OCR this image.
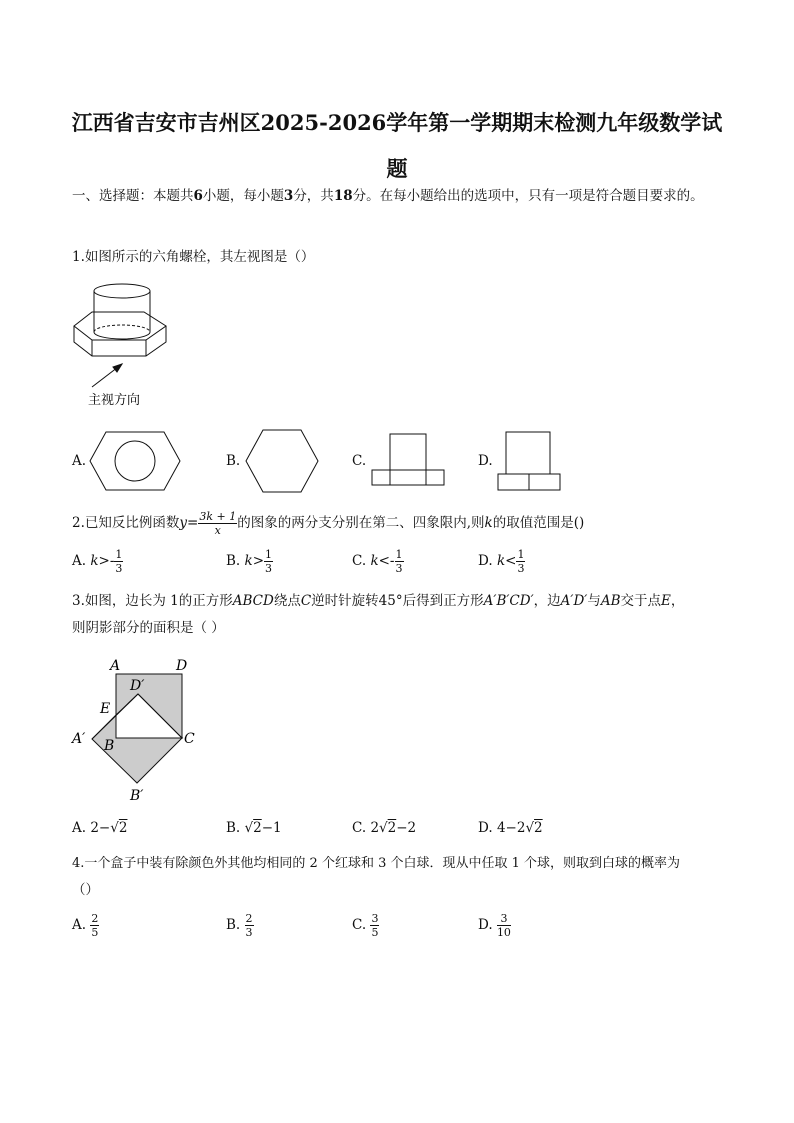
江西省吉安市吉州区2025-2026学年第一学期期末检测九年级数学试
题
一、选择题：本题共6小题，每小题3分，共18分。在每小题给出的选项中，只有一项是符合题目要求的。
1.如图所示的六角螺栓，其左视图是（）
主视方向
A.	B.	C.	D.
2.已知反比例函数$y= \frac{3k + 1}{x}$ 的图象的两分支分别在第二、四象限内,则k的取值范围是()
A. $k>- \frac{1}{3}$	B. $k> \frac{1}{3}$	C. $k<- \frac{1}{3}$	D. $k< \frac{1}{3}$
3.如图，边长为 1的正方形ABCD绕点C逆时针旋转45°后得到正方形A′B′CD′，边A′D′与AB交于点E，
则阴影部分的面积是（ ）
A	D
D′
E
A′ B	C
B′
A. 2−√2	B. √2−1	C. 2√2−2	D. 4−2√2
4.一个盒子中装有除颜色外其他均相同的 2 个红球和 3 个白球．现从中任取 1 个球，则取到白球的概率为
（）
A. $\frac{2}{5}$	B. $\frac{2}{3}$	C. $\frac{3}{5}$	D. $\frac{3}{10}$
